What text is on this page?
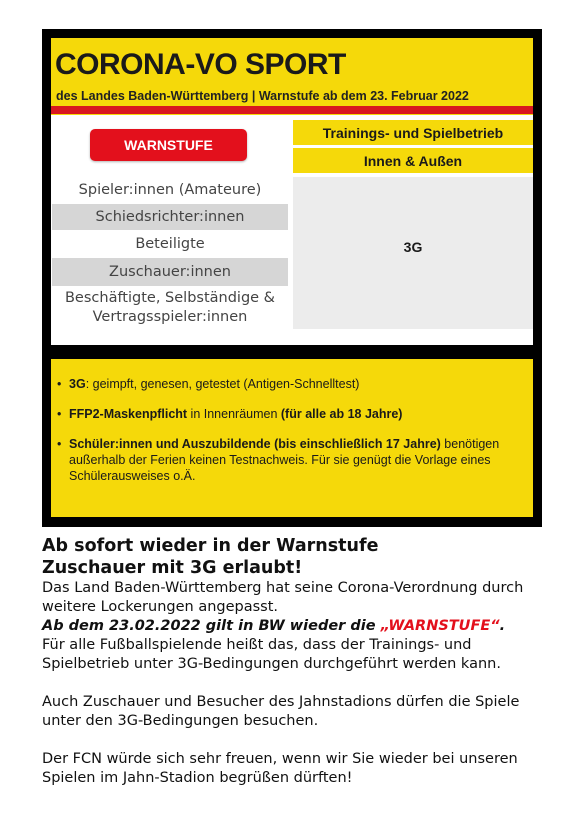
CORONA-VO SPORT
des Landes Baden-Württemberg | Warnstufe ab dem 23. Februar 2022
WARNSTUFE
Trainings- und Spielbetrieb
Innen & Außen
Spieler:innen (Amateure)
Schiedsrichter:innen
Beteiligte
Zuschauer:innen
Beschäftigte, Selbständige & Vertragsspieler:innen
3G
• 3G: geimpft, genesen, getestet (Antigen-Schnelltest)
• FFP2-Maskenpflicht in Innenräumen (für alle ab 18 Jahre)
• Schüler:innen und Auszubildende (bis einschließlich 17 Jahre) benötigen außerhalb der Ferien keinen Testnachweis. Für sie genügt die Vorlage eines Schülerausweises o.Ä.

Ab sofort wieder in der Warnstufe

Zuschauer mit 3G erlaubt!

Das Land Baden-Württemberg hat seine Corona-Verordnung durch weitere Lockerungen angepasst.

Ab dem 23.02.2022 gilt in BW wieder die „WARNSTUFE“.

Für alle Fußballspielende heißt das, dass der Trainings- und Spielbetrieb unter 3G-Bedingungen durchgeführt werden kann.

Auch Zuschauer und Besucher des Jahnstadions dürfen die Spiele unter den 3G-Bedingungen besuchen.

Der FCN würde sich sehr freuen, wenn wir Sie wieder bei unseren Spielen im Jahn-Stadion begrüßen dürften!
